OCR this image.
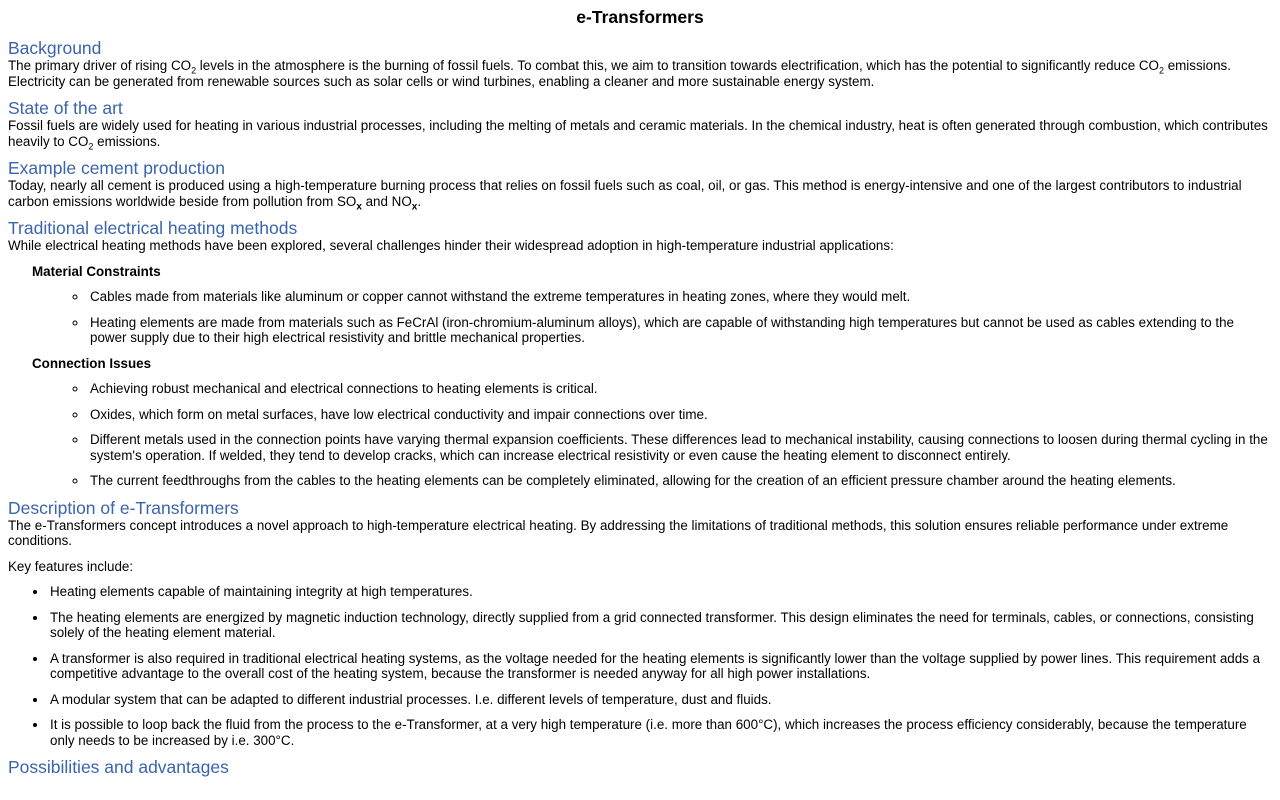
e-Transformers
Background

The primary driver of rising $CO_2$ levels in the atmosphere is the burning of fossil fuels. To combat this, we aim to transition towards electrification, which has the potential to significantly reduce $CO_2$ emissions. Electricity can be generated from renewable sources such as solar cells or wind turbines, enabling a cleaner and more sustainable energy system.

State of the art

Fossil fuels are widely used for heating in various industrial processes, including the melting of metals and ceramic materials. In the chemical industry, heat is often generated through combustion, which contributes heavily to $CO_2$ emissions.

Example cement production

Today, nearly all cement is produced using a high-temperature burning process that relies on fossil fuels such as coal, oil, or gas. This method is energy-intensive and one of the largest contributors to industrial carbon emissions worldwide beside from pollution from $SO_x$ and $NO_x$.

Traditional electrical heating methods

While electrical heating methods have been explored, several challenges hinder their widespread adoption in high-temperature industrial applications:

Material Constraints
◦ Cables made from materials like aluminum or copper cannot withstand the extreme temperatures in heating zones, where they would melt.
◦ Heating elements are made from materials such as FeCrAl (iron-chromium-aluminum alloys), which are capable of withstanding high temperatures but cannot be used as cables extending to the power supply due to their high electrical resistivity and brittle mechanical properties.
Connection Issues
◦ Achieving robust mechanical and electrical connections to heating elements is critical.
◦ Oxides, which form on metal surfaces, have low electrical conductivity and impair connections over time.
◦ Different metals used in the connection points have varying thermal expansion coefficients. These differences lead to mechanical instability, causing connections to loosen during thermal cycling in the system's operation. If welded, they tend to develop cracks, which can increase electrical resistivity or even cause the heating element to disconnect entirely.
◦ The current feedthroughs from the cables to the heating elements can be completely eliminated, allowing for the creation of an efficient pressure chamber around the heating elements.
Description of e-Transformers

The e-Transformers concept introduces a novel approach to high-temperature electrical heating. By addressing the limitations of traditional methods, this solution ensures reliable performance under extreme conditions.

Key features include:

• Heating elements capable of maintaining integrity at high temperatures.
• The heating elements are energized by magnetic induction technology, directly supplied from a grid connected transformer. This design eliminates the need for terminals, cables, or connections, consisting solely of the heating element material.
• A transformer is also required in traditional electrical heating systems, as the voltage needed for the heating elements is significantly lower than the voltage supplied by power lines. This requirement adds a competitive advantage to the overall cost of the heating system, because the transformer is needed anyway for all high power installations.
• A modular system that can be adapted to different industrial processes. I.e. different levels of temperature, dust and fluids.
• It is possible to loop back the fluid from the process to the e-Transformer, at a very high temperature (i.e. more than 600°C), which increases the process efficiency considerably, because the temperature only needs to be increased by i.e. 300°C.
Possibilities and advantages
